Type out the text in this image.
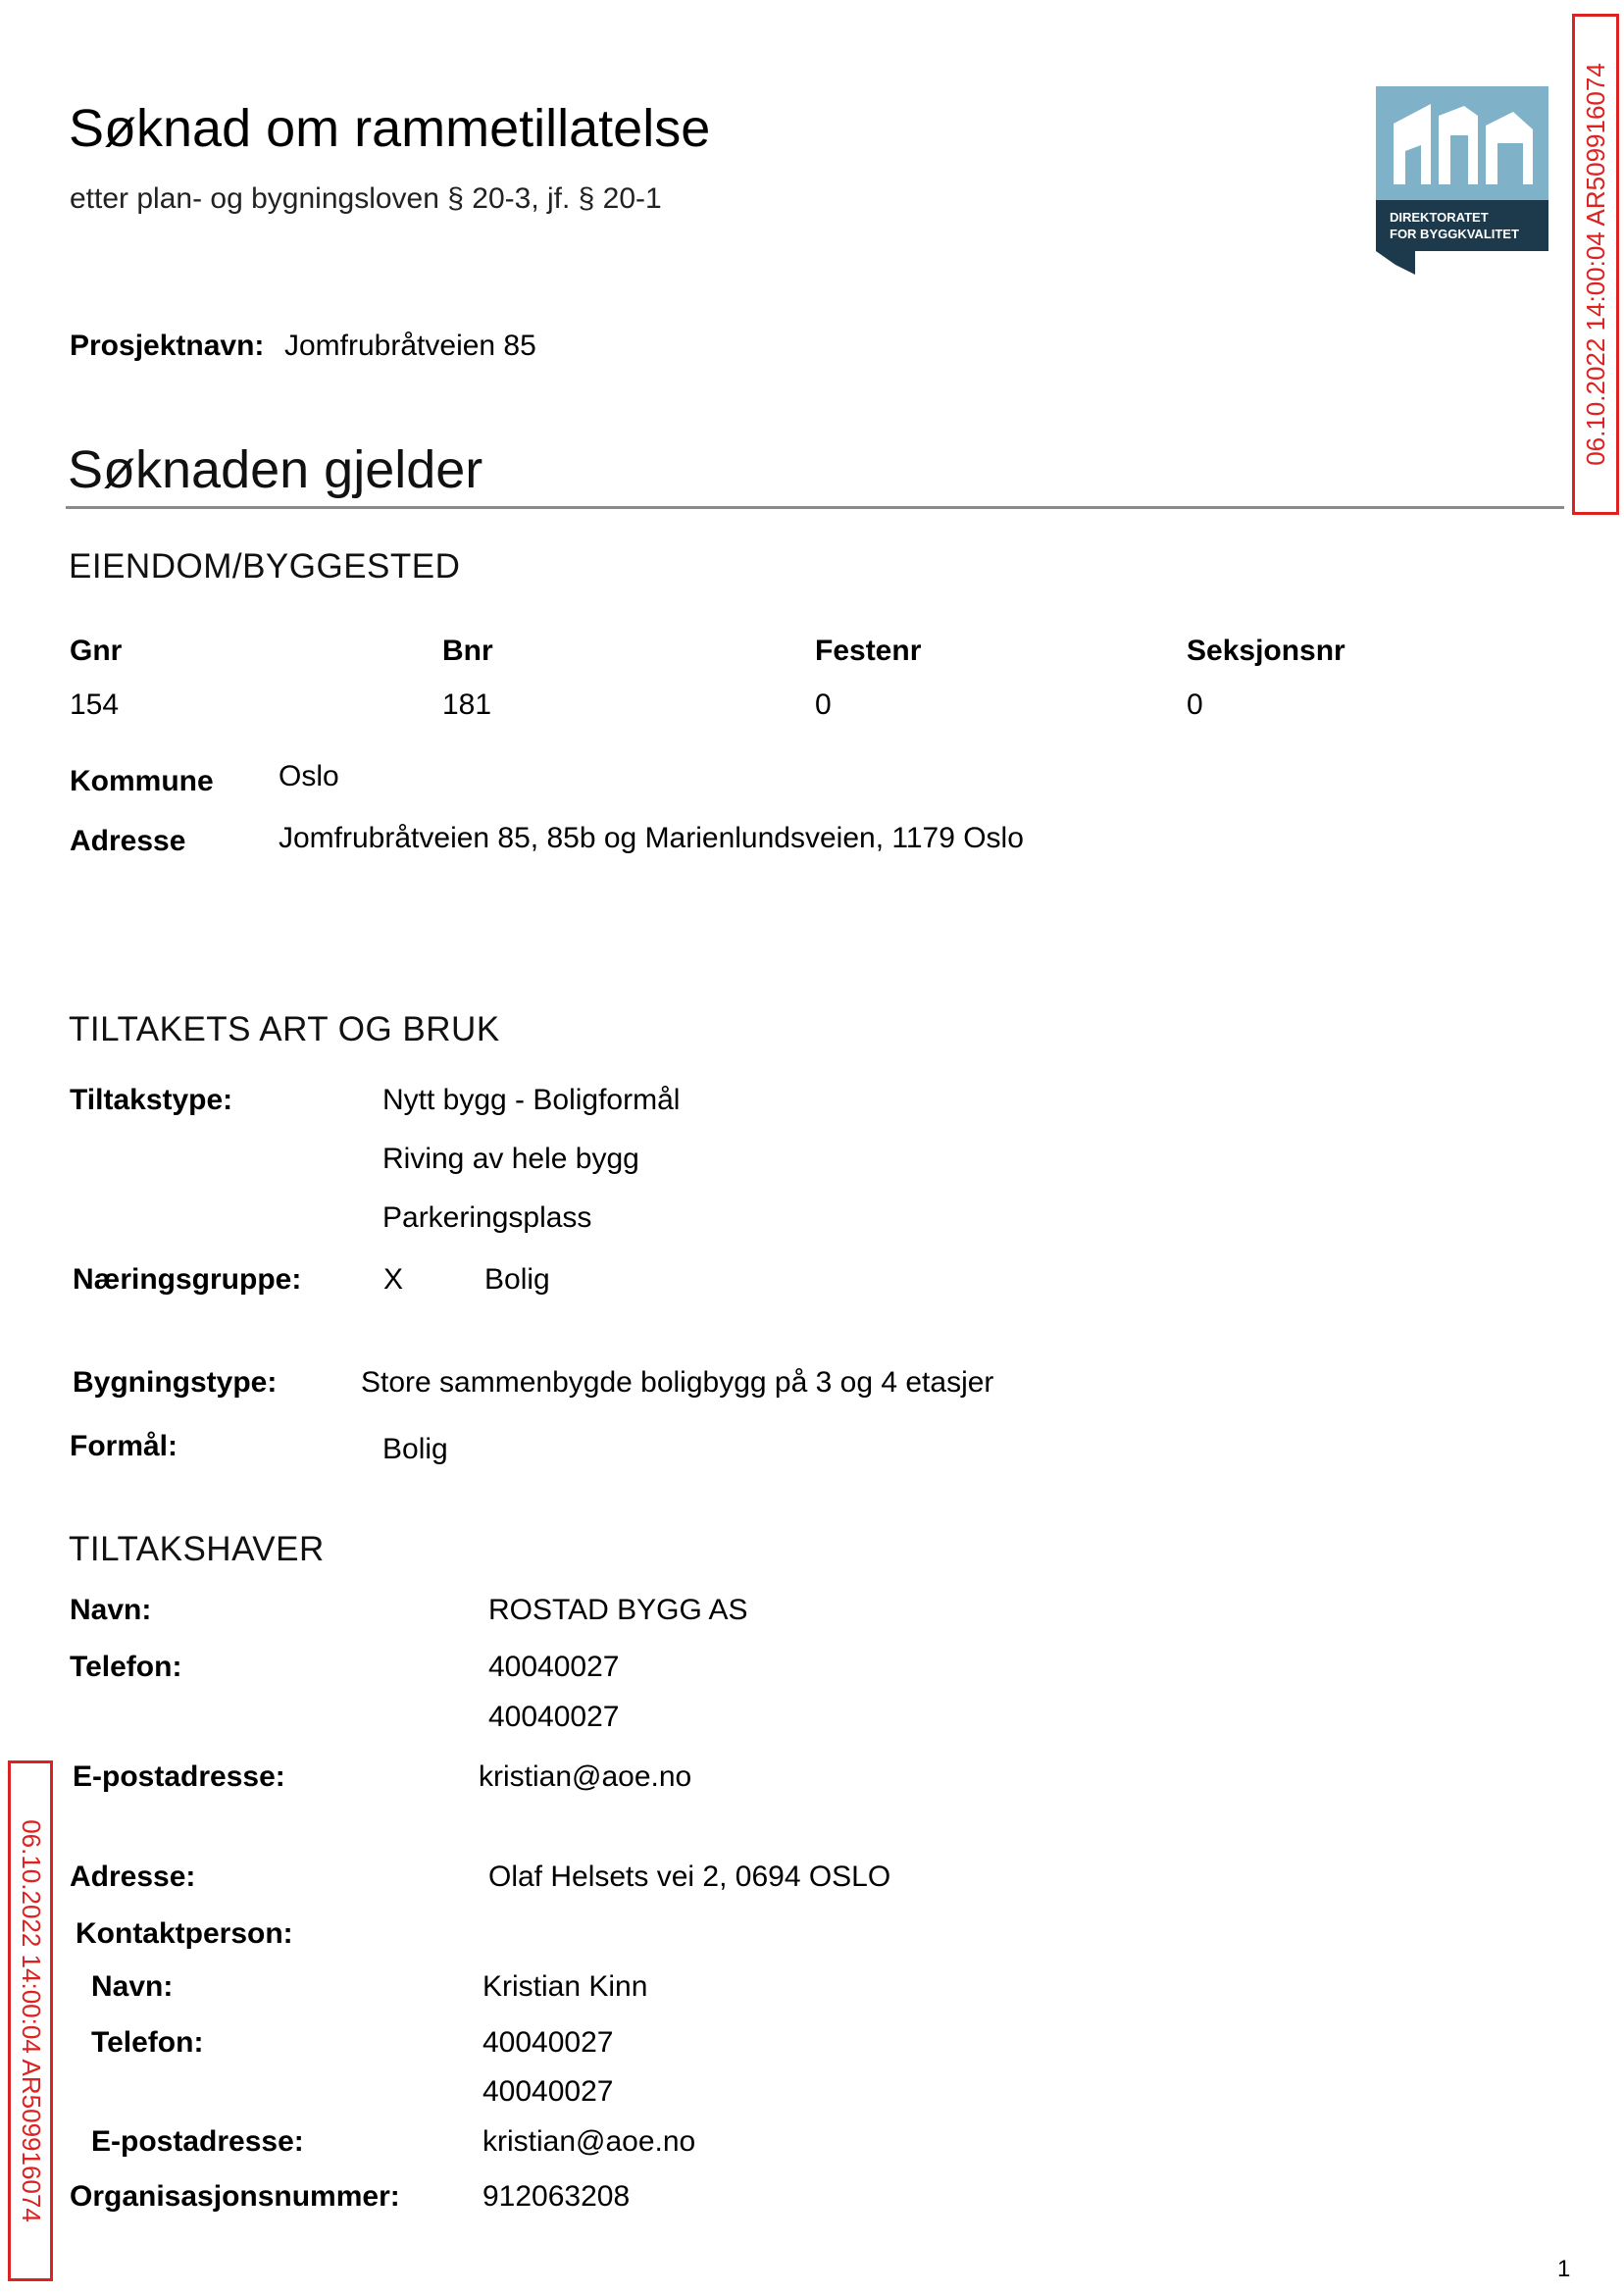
Søknad om rammetillatelse
etter plan- og bygningsloven § 20-3, jf. § 20-1
DIREKTORATET
FOR BYGGKVALITET 06.10.2022 14:00:04 AR509916074
Prosjektnavn: Jomfrubråtveien 85
Søknaden gjelder
EIENDOM/BYGGESTED
Gnr	Bnr	Festenr	Seksjonsnr
154	181	0	0
Kommune Oslo
Adresse	Jomfrubråtveien 85, 85b og Marienlundsveien, 1179 Oslo
TILTAKETS ART OG BRUK
Tiltakstype:	Nytt bygg - Boligformål
Riving av hele bygg
Parkeringsplass
Næringsgruppe:	X	Bolig
Bygningstype:	Store sammenbygde boligbygg på 3 og 4 etasjer
Formål:	Bolig
TILTAKSHAVER
Navn:	ROSTAD BYGG AS
Telefon:	40040027
40040027
E-postadresse:	kristian@aoe.no
Adresse:	Olaf Helsets vei 2, 0694 OSLO
Kontaktperson:
Navn:	Kristian Kinn
Telefon:	40040027
40040027
E-postadresse:	kristian@aoe.no
Organisasjonsnummer:	912063208
06.10.2022 14:00:04 AR509916074
1
